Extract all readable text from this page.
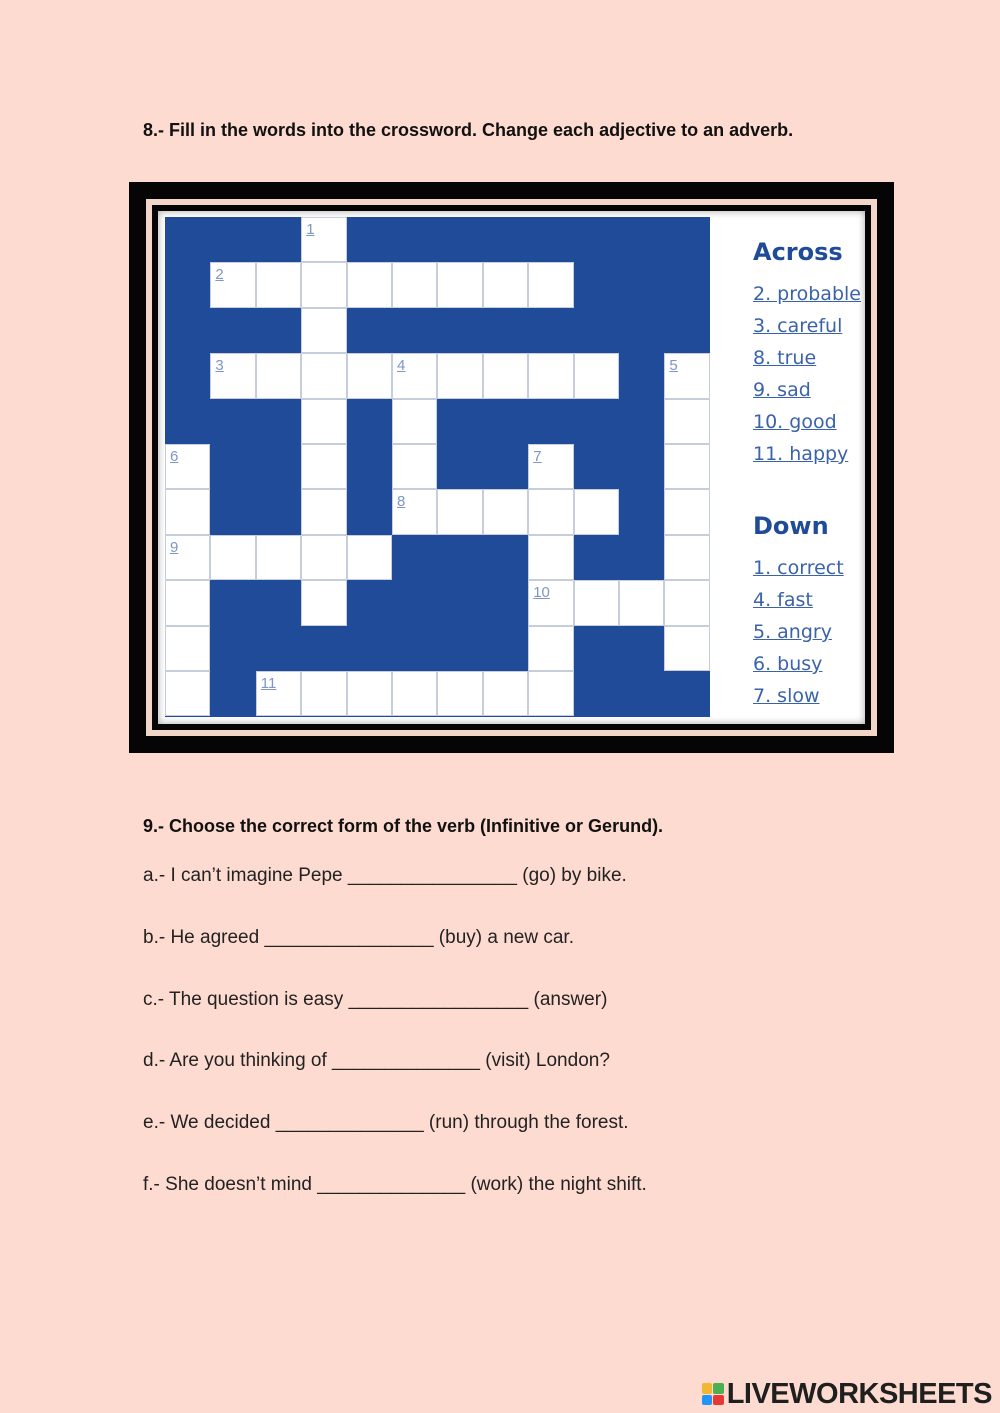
8.- Fill in the words into the crossword. Change each adjective to an adverb.
1
2
3	4	5
6	7
8
9
10
11
Across
2. probable
3. careful
8. true
9. sad
10. good
11. happy
Down
1. correct
4. fast
5. angry
6. busy
7. slow
9.- Choose the correct form of the verb (Infinitive or Gerund).
a.- I can’t imagine Pepe ________________ (go) by bike.
b.- He agreed ________________ (buy) a new car.
c.- The question is easy _________________ (answer)
d.- Are you thinking of ______________ (visit) London?
e.- We decided ______________ (run) through the forest.
f.- She doesn’t mind ______________ (work) the night shift.
LIVEWORKSHEETS
